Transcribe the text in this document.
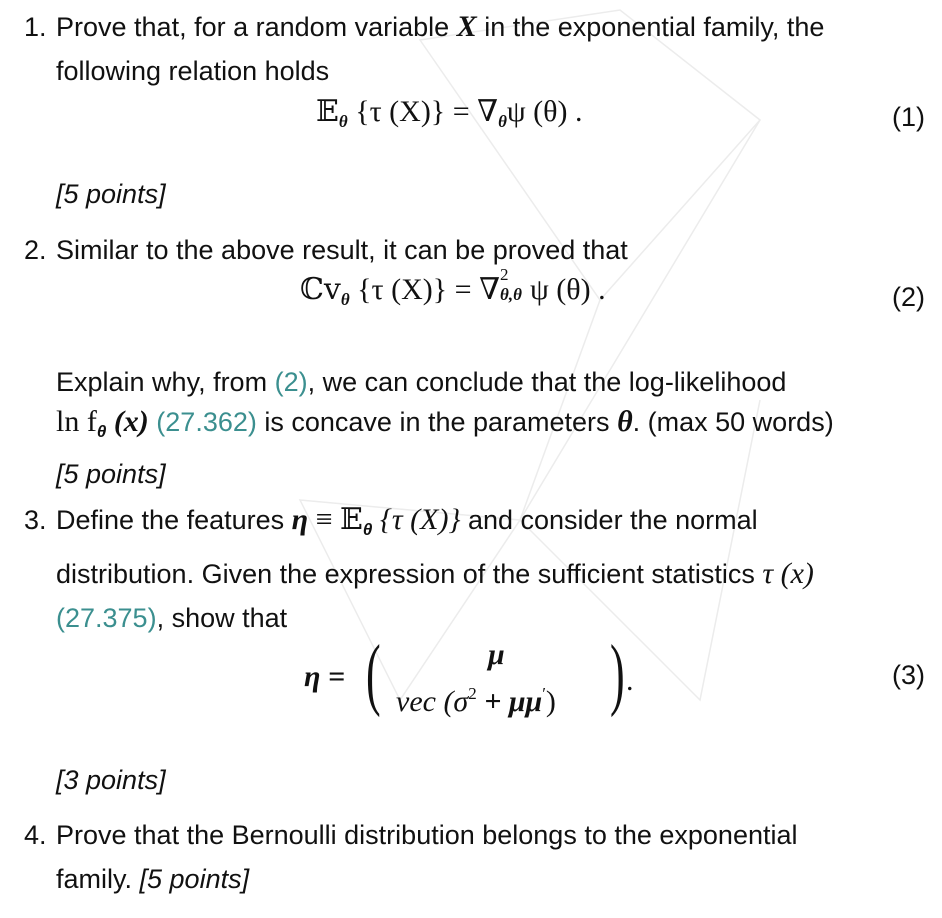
1. Prove that, for a random variable X in the exponential family, the
following relation holds
𝔼$_\theta$ {τ $(X)\} = \nabla_\theta\psi$ (θ) .	(1)
[5 points]
2. Similar to the above result, it can be proved that
ℂv$_\theta$ {τ (X)} = ∇ 2
θ,θ ψ (θ) .	(2)
Explain why, from (2), we can conclude that the log-likelihood
$\ln f_\theta$ (x) (27.362) is concave in the parameters θ. (max 50 words)
[5 points]
3. Define the features η ≡ 𝔼$_\theta$ {τ (X)} and consider the normal
distribution. Given the expression of the sufficient statistics τ (x)
(27.375), show that
η = (	μ
vec $(\sigma^2 + \mu\mu')$ ) .	(3)
[3 points]
4. Prove that the Bernoulli distribution belongs to the exponential
family. [5 points]
